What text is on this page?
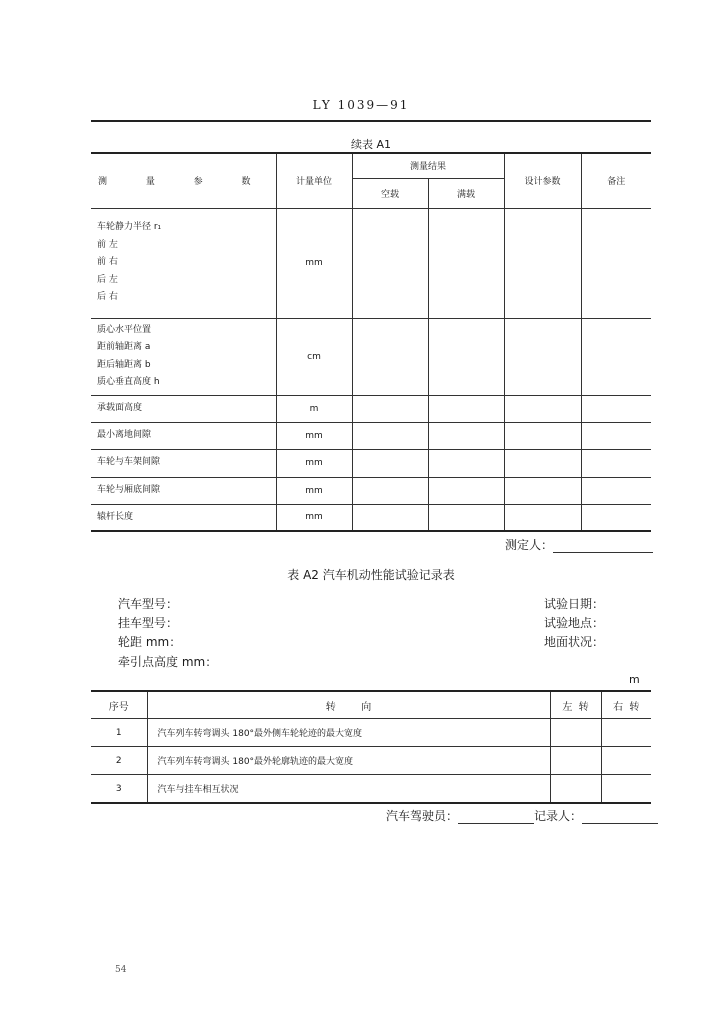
LY 1039—91
续表 A1
测 量 参 数	计量单位	测量结果		设计参数	备注
		空载	满载		

车轮静力半径 r₁
前 左
前 右
后 左
后 右	mm				

质心水平位置
距前轴距离 a
距后轴距离 b
质心垂直高度 h	cm				
承载面高度	m				
最小离地间隙	mm				
车轮与车架间隙	mm				
车轮与厢底间隙	mm				
辕杆长度	mm				
测定人：
表 A2 汽车机动性能试验记录表
汽车型号：
挂车型号：
轮距 mm：
牵引点高度 mm：
试验日期：
试验地点：
地面状况：
m
序号	转        向	左  转	右  转
1	汽车列车转弯调头 180°最外侧车轮轮迹的最大宽度		
2	汽车列车转弯调头 180°最外轮廓轨迹的最大宽度		
3	汽车与挂车相互状况		
汽车驾驶员：	记录人：
54
